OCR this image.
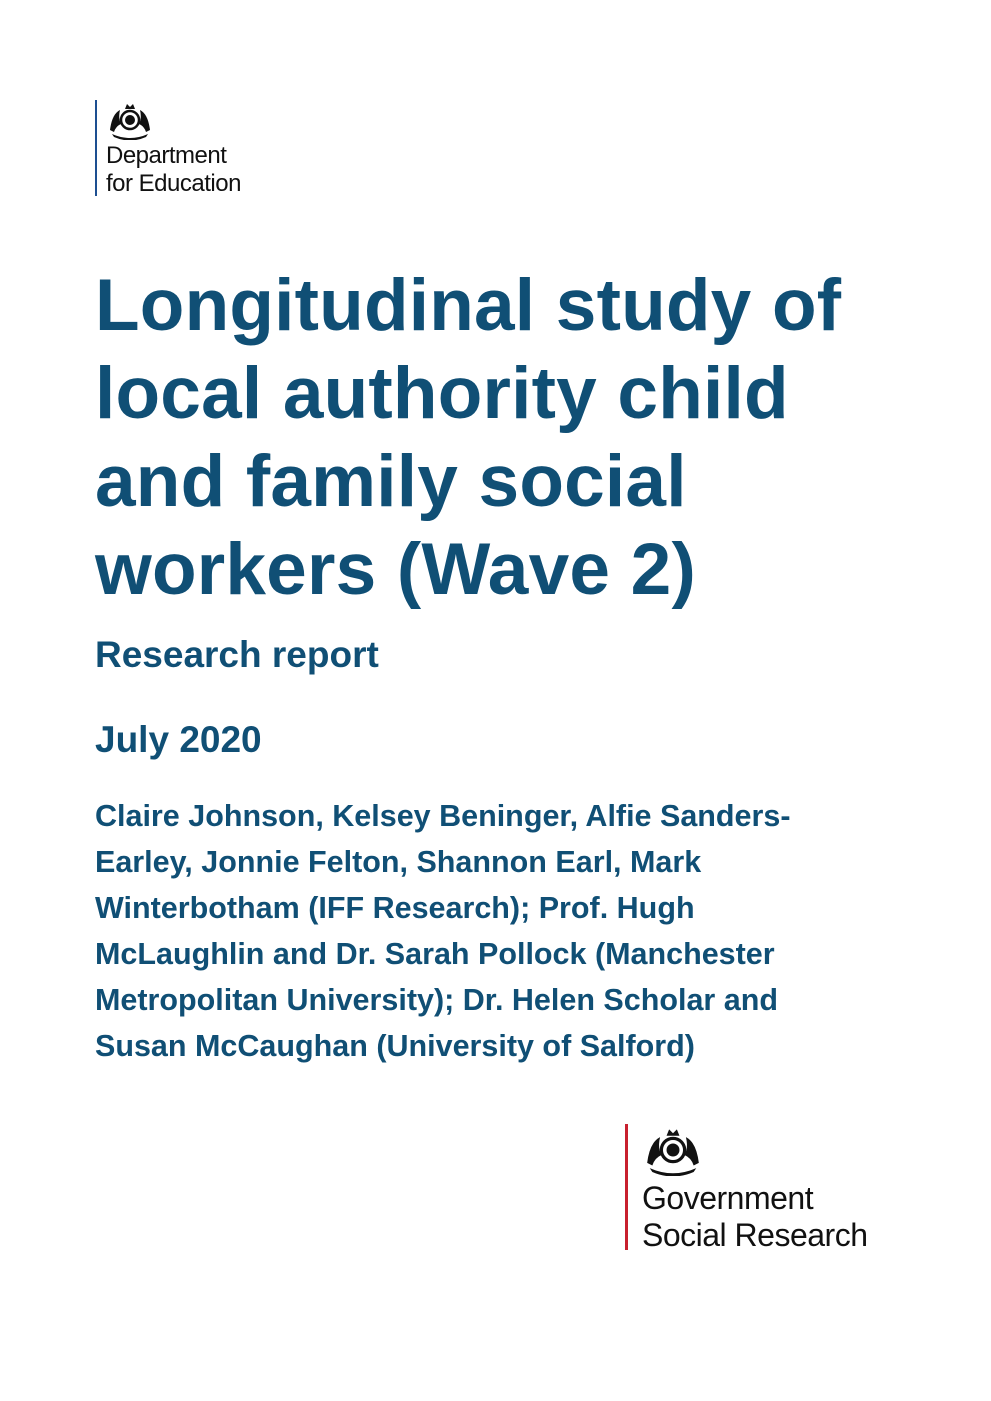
Department
for Education
Longitudinal study of
local authority child
and family social
workers (Wave 2)
Research report
July 2020
Claire Johnson, Kelsey Beninger, Alfie Sanders-
Earley, Jonnie Felton, Shannon Earl, Mark
Winterbotham (IFF Research); Prof. Hugh
McLaughlin and Dr. Sarah Pollock (Manchester
Metropolitan University); Dr. Helen Scholar and
Susan McCaughan (University of Salford)
Government
Social Research
